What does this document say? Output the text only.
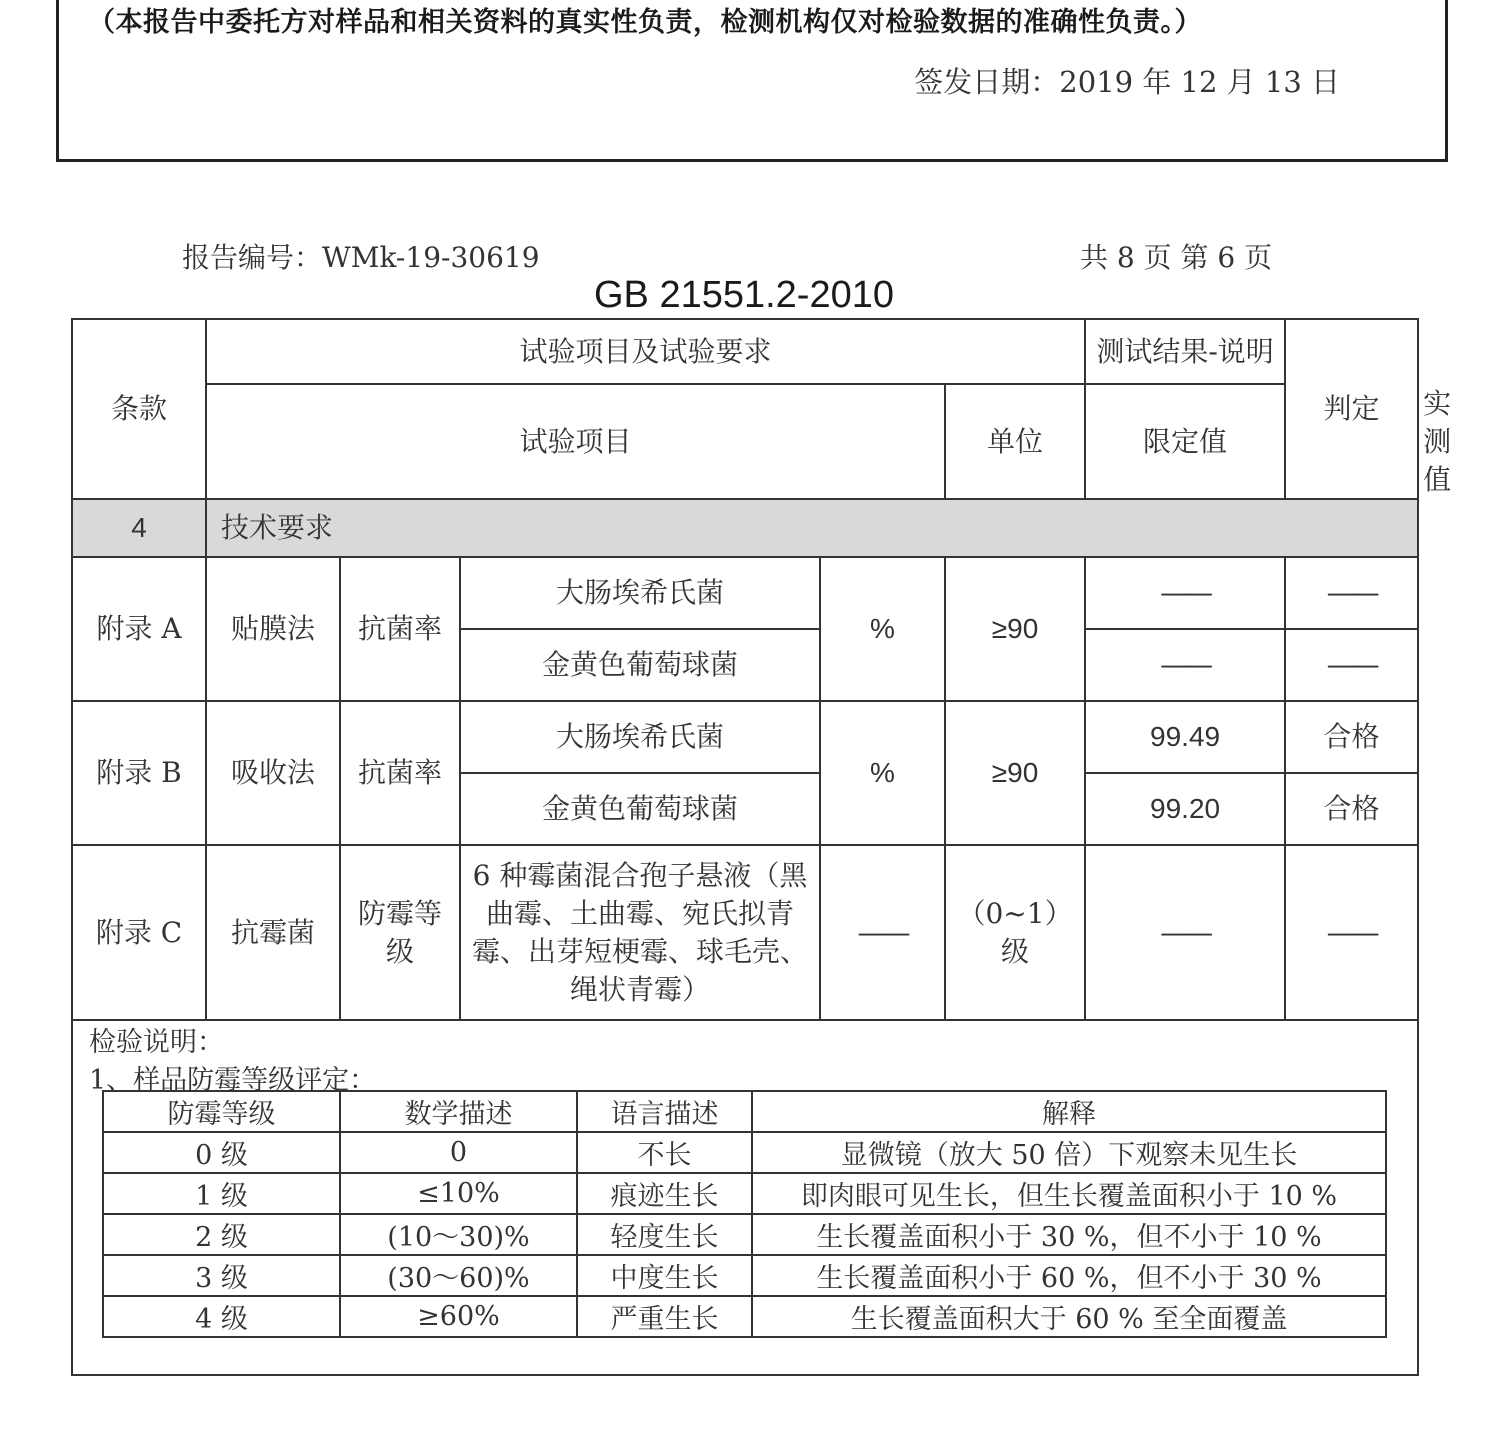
（本报告中委托方对样品和相关资料的真实性负责，检测机构仅对检验数据的准确性负责。）
签发日期：2019 年 12 月 13 日
报告编号：WMk-19-30619	共 8 页 第 6 页
GB 21551.2-2010
条款	试验项目及试验要求					测试结果-说明	判定	
	试验项目				单位	限定值		实测值
4	技术要求							
附录 A	贴膜法	抗菌率	大肠埃希氏菌	%	≥90	——	——	
			金黄色葡萄球菌			——	——	
附录 B	吸收法	抗菌率	大肠埃希氏菌	%	≥90	99.49	合格	
			金黄色葡萄球菌			99.20	合格	
附录 C	抗霉菌	防霉等级	6 种霉菌混合孢子悬液（黑曲霉、土曲霉、宛氏拟青霉、出芽短梗霉、球毛壳、绳状青霉）	——	（0~1）级	——	——	

检验说明：
1、样品防霉等级评定：								
防霉等级	数学描述	语言描述	解释
0 级	0	不长	显微镜（放大 50 倍）下观察未见生长
1 级	≤10%	痕迹生长	即肉眼可见生长，但生长覆盖面积小于 10 %
2 级	(10～30)%	轻度生长	生长覆盖面积小于 30 %，但不小于 10 %
3 级	(30～60)%	中度生长	生长覆盖面积小于 60 %，但不小于 30 %
4 级	≥60%	严重生长	生长覆盖面积大于 60 % 至全面覆盖
